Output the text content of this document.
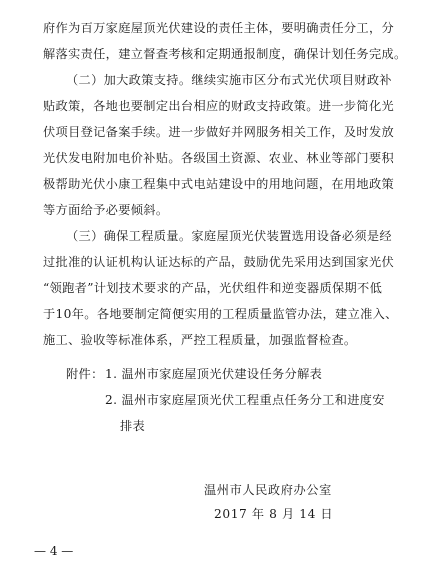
府作为百万家庭屋顶光伏建设的责任主体，要明确责任分工，分
解落实责任，建立督查考核和定期通报制度，确保计划任务完成。
（二）加大政策支持。继续实施市区分布式光伏项目财政补
贴政策，各地也要制定出台相应的财政支持政策。进一步简化光
伏项目登记备案手续。进一步做好并网服务相关工作，及时发放
光伏发电附加电价补贴。各级国土资源、农业、林业等部门要积
极帮助光伏小康工程集中式电站建设中的用地问题，在用地政策
等方面给予必要倾斜。
（三）确保工程质量。家庭屋顶光伏装置选用设备必须是经
过批准的认证机构认证达标的产品，鼓励优先采用达到国家光伏
“领跑者”计划技术要求的产品，光伏组件和逆变器质保期不低
于10年。各地要制定简便实用的工程质量监管办法，建立准入、
施工、验收等标准体系，严控工程质量，加强监督检查。
附件： 1. 温州市家庭屋顶光伏建设任务分解表
2. 温州市家庭屋顶光伏工程重点任务分工和进度安
排表
温州市人民政府办公室
2017 年 8 月 14 日
— 4 —
